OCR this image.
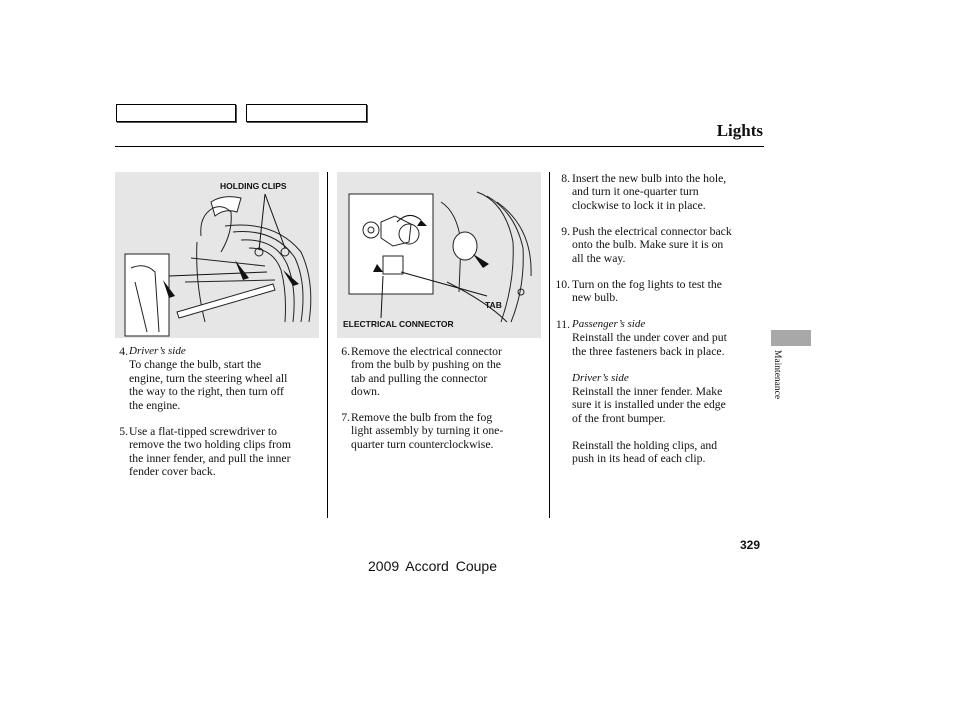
Lights
HOLDING CLIPS
TAB
ELECTRICAL CONNECTOR
4. Driver’s side
To change the bulb, start the
engine, turn the steering wheel all
the way to the right, then turn off
the engine.
5. Use a flat-tipped screwdriver to
remove the two holding clips from
the inner fender, and pull the inner
fender cover back.
6. Remove the electrical connector
from the bulb by pushing on the
tab and pulling the connector
down.
7. Remove the bulb from the fog
light assembly by turning it one-
quarter turn counterclockwise.
8. Insert the new bulb into the hole,
and turn it one-quarter turn
clockwise to lock it in place.
9. Push the electrical connector back
onto the bulb. Make sure it is on
all the way.
10. Turn on the fog lights to test the
new bulb.
11. Passenger’s side
Reinstall the under cover and put
the three fasteners back in place.
Driver’s side
Reinstall the inner fender. Make
sure it is installed under the edge
of the front bumper.
Reinstall the holding clips, and
push in its head of each clip.
Maintenance
329
2009 Accord Coupe
